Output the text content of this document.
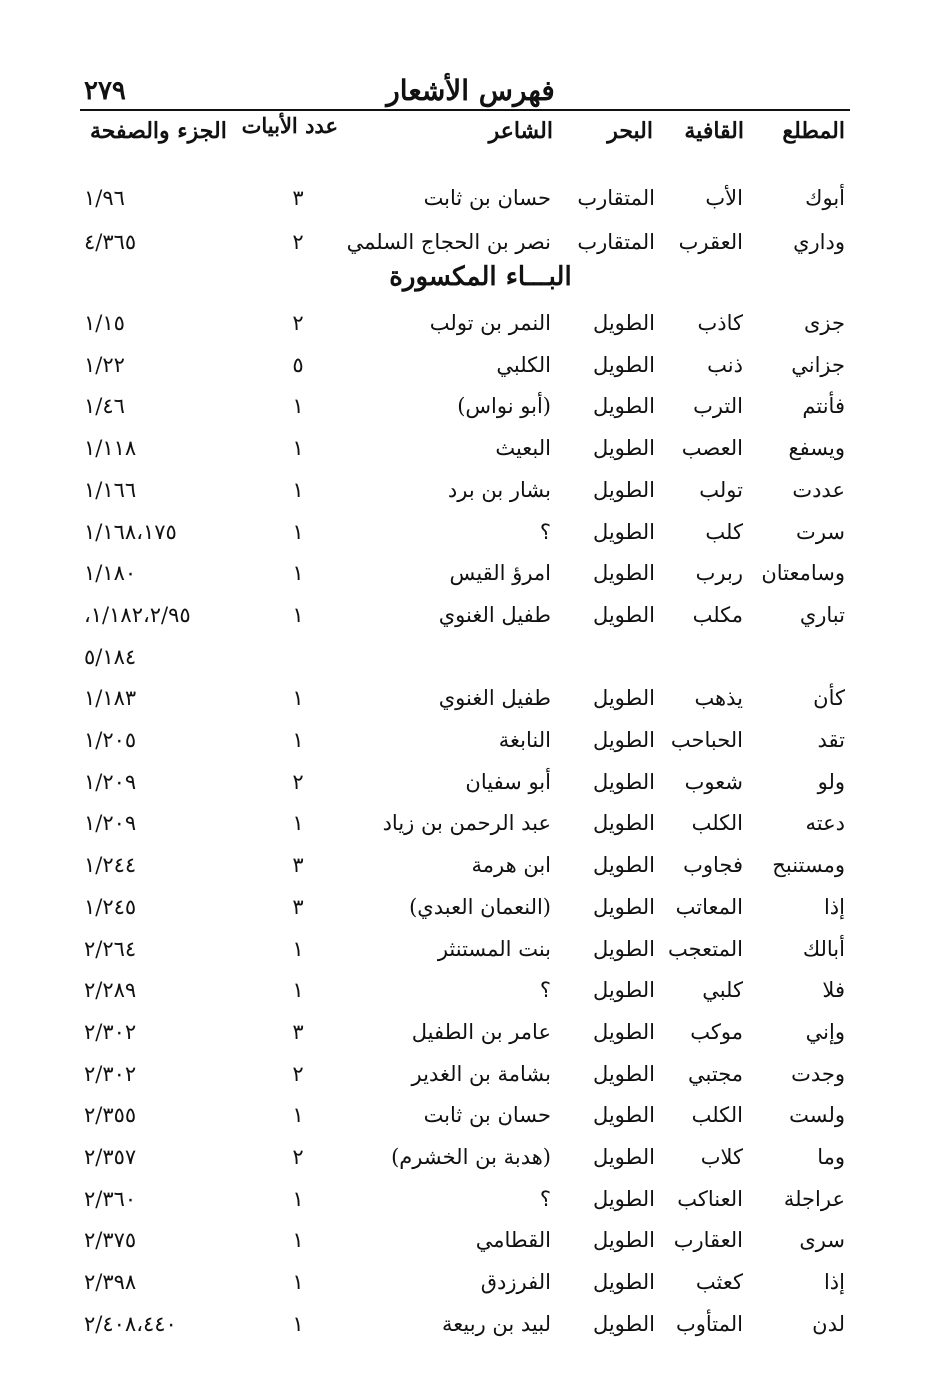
٢٧٩	فهرس الأشعار
المطلع
القافية
البحر
الشاعر
عدد الأبيات
الجزء والصفحة
البـــاء المكسورة
أبوك
الأب
المتقارب
حسان بن ثابت
٣
١/٩٦
وداري
العقرب
المتقارب
نصر بن الحجاج السلمي
٢
٤/٣٦٥
جزى
كاذب
الطويل
النمر بن تولب
٢
١/١٥
جزاني
ذنب
الطويل
الكلبي
٥
١/٢٢
فأنتم
الترب
الطويل
(أبو نواس)
١
١/٤٦
ويسفع
العصب
الطويل
البعيث
١
١/١١٨
عددت
تولب
الطويل
بشار بن برد
١
١/١٦٦
سرت
كلب
الطويل
؟
١
١/١٦٨،١٧٥
وسامعتان
ربرب
الطويل
امرؤ القيس
١
١/١٨٠
تباري
مكلب
الطويل
طفيل الغنوي
١
١/١٨٢،٢/٩٥،
٥/١٨٤
كأن
يذهب
الطويل
طفيل الغنوي
١
١/١٨٣
تقد
الحباحب
الطويل
النابغة
١
١/٢٠٥
ولو
شعوب
الطويل
أبو سفيان
٢
١/٢٠٩
دعته
الكلب
الطويل
عبد الرحمن بن زياد
١
١/٢٠٩
ومستنبح
فجاوب
الطويل
ابن هرمة
٣
١/٢٤٤
إذا
المعاتب
الطويل
(النعمان العبدي)
٣
١/٢٤٥
أبالك
المتعجب
الطويل
بنت المستنثر
١
٢/٢٦٤
فلا
كلبي
الطويل
؟
١
٢/٢٨٩
وإني
موكب
الطويل
عامر بن الطفيل
٣
٢/٣٠٢
وجدت
مجتبي
الطويل
بشامة بن الغدير
٢
٢/٣٠٢
ولست
الكلب
الطويل
حسان بن ثابت
١
٢/٣٥٥
وما
كلاب
الطويل
(هدبة بن الخشرم)
٢
٢/٣٥٧
عراجلة
العناكب
الطويل
؟
١
٢/٣٦٠
سرى
العقارب
الطويل
القطامي
١
٢/٣٧٥
إذا
كعثب
الطويل
الفرزدق
١
٢/٣٩٨
لدن
المتأوب
الطويل
لبيد بن ربيعة
١
٢/٤٠٨،٤٤٠
